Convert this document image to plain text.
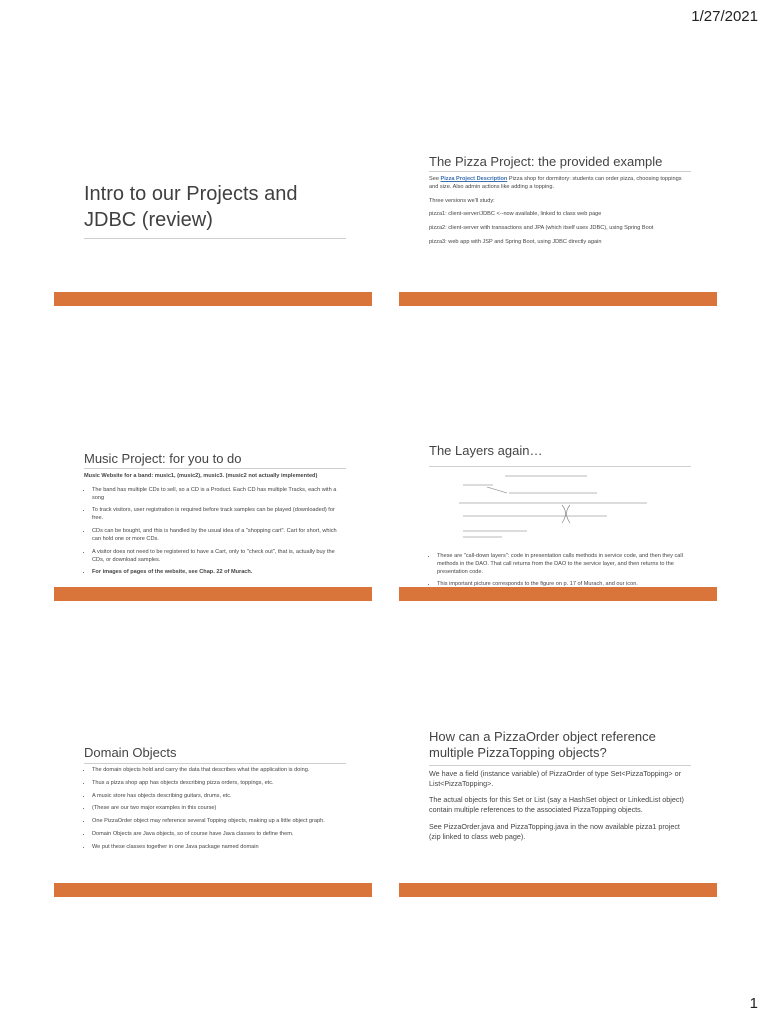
1/27/2021
Intro to our Projects and JDBC (review)
The Pizza Project: the provided example

See Pizza Project Description Pizza shop for dormitory: students can order pizza, choosing toppings and size. Also admin actions like adding a topping.

Three versions we'll study:

pizza1: client-server/JDBC <--now available, linked to class web page

pizza2: client-server with transactions and JPA (which itself uses JDBC), using Spring Boot

pizza3: web app with JSP and Spring Boot, using JDBC directly again

Music Project: for you to do

Music Website for a band: music1, (music2), music3. (music2 not actually implemented)

• The band has multiple CDs to sell, so a CD is a Product. Each CD has multiple Tracks, each with a song
• To track visitors, user registration is required before track samples can be played (downloaded) for free.
• CDs can be bought, and this is handled by the usual idea of a "shopping cart". Cart for short, which can hold one or more CDs.
• A visitor does not need to be registered to have a Cart, only to "check out", that is, actually buy the CDs, or download samples.
• For images of pages of the website, see Chap. 22 of Murach.
The Layers again…
• These are "call-down layers": code in presentation calls methods in service code, and then they call methods in the DAO. That call returns from the DAO to the service layer, and then returns to the presentation code.
• This important picture corresponds to the figure on p. 17 of Murach, and our icon.
Domain Objects
• The domain objects hold and carry the data that describes what the application is doing.
• Thus a pizza shop app has objects describing pizza orders, toppings, etc.
• A music store has objects describing guitars, drums, etc.
• (These are our two major examples in this course)
• One PizzaOrder object may reference several Topping objects, making up a little object graph.
• Domain Objects are Java objects, so of course have Java classes to define them.
• We put these classes together in one Java package named domain
How can a PizzaOrder object reference multiple PizzaTopping objects?

We have a field (instance variable) of PizzaOrder of type Set<PizzaTopping> or List<PizzaTopping>.

The actual objects for this Set or List (say a HashSet object or LinkedList object) contain multiple references to the associated PizzaTopping objects.

See PizzaOrder.java and PizzaTopping.java in the now available pizza1 project (zip linked to class web page).

1
